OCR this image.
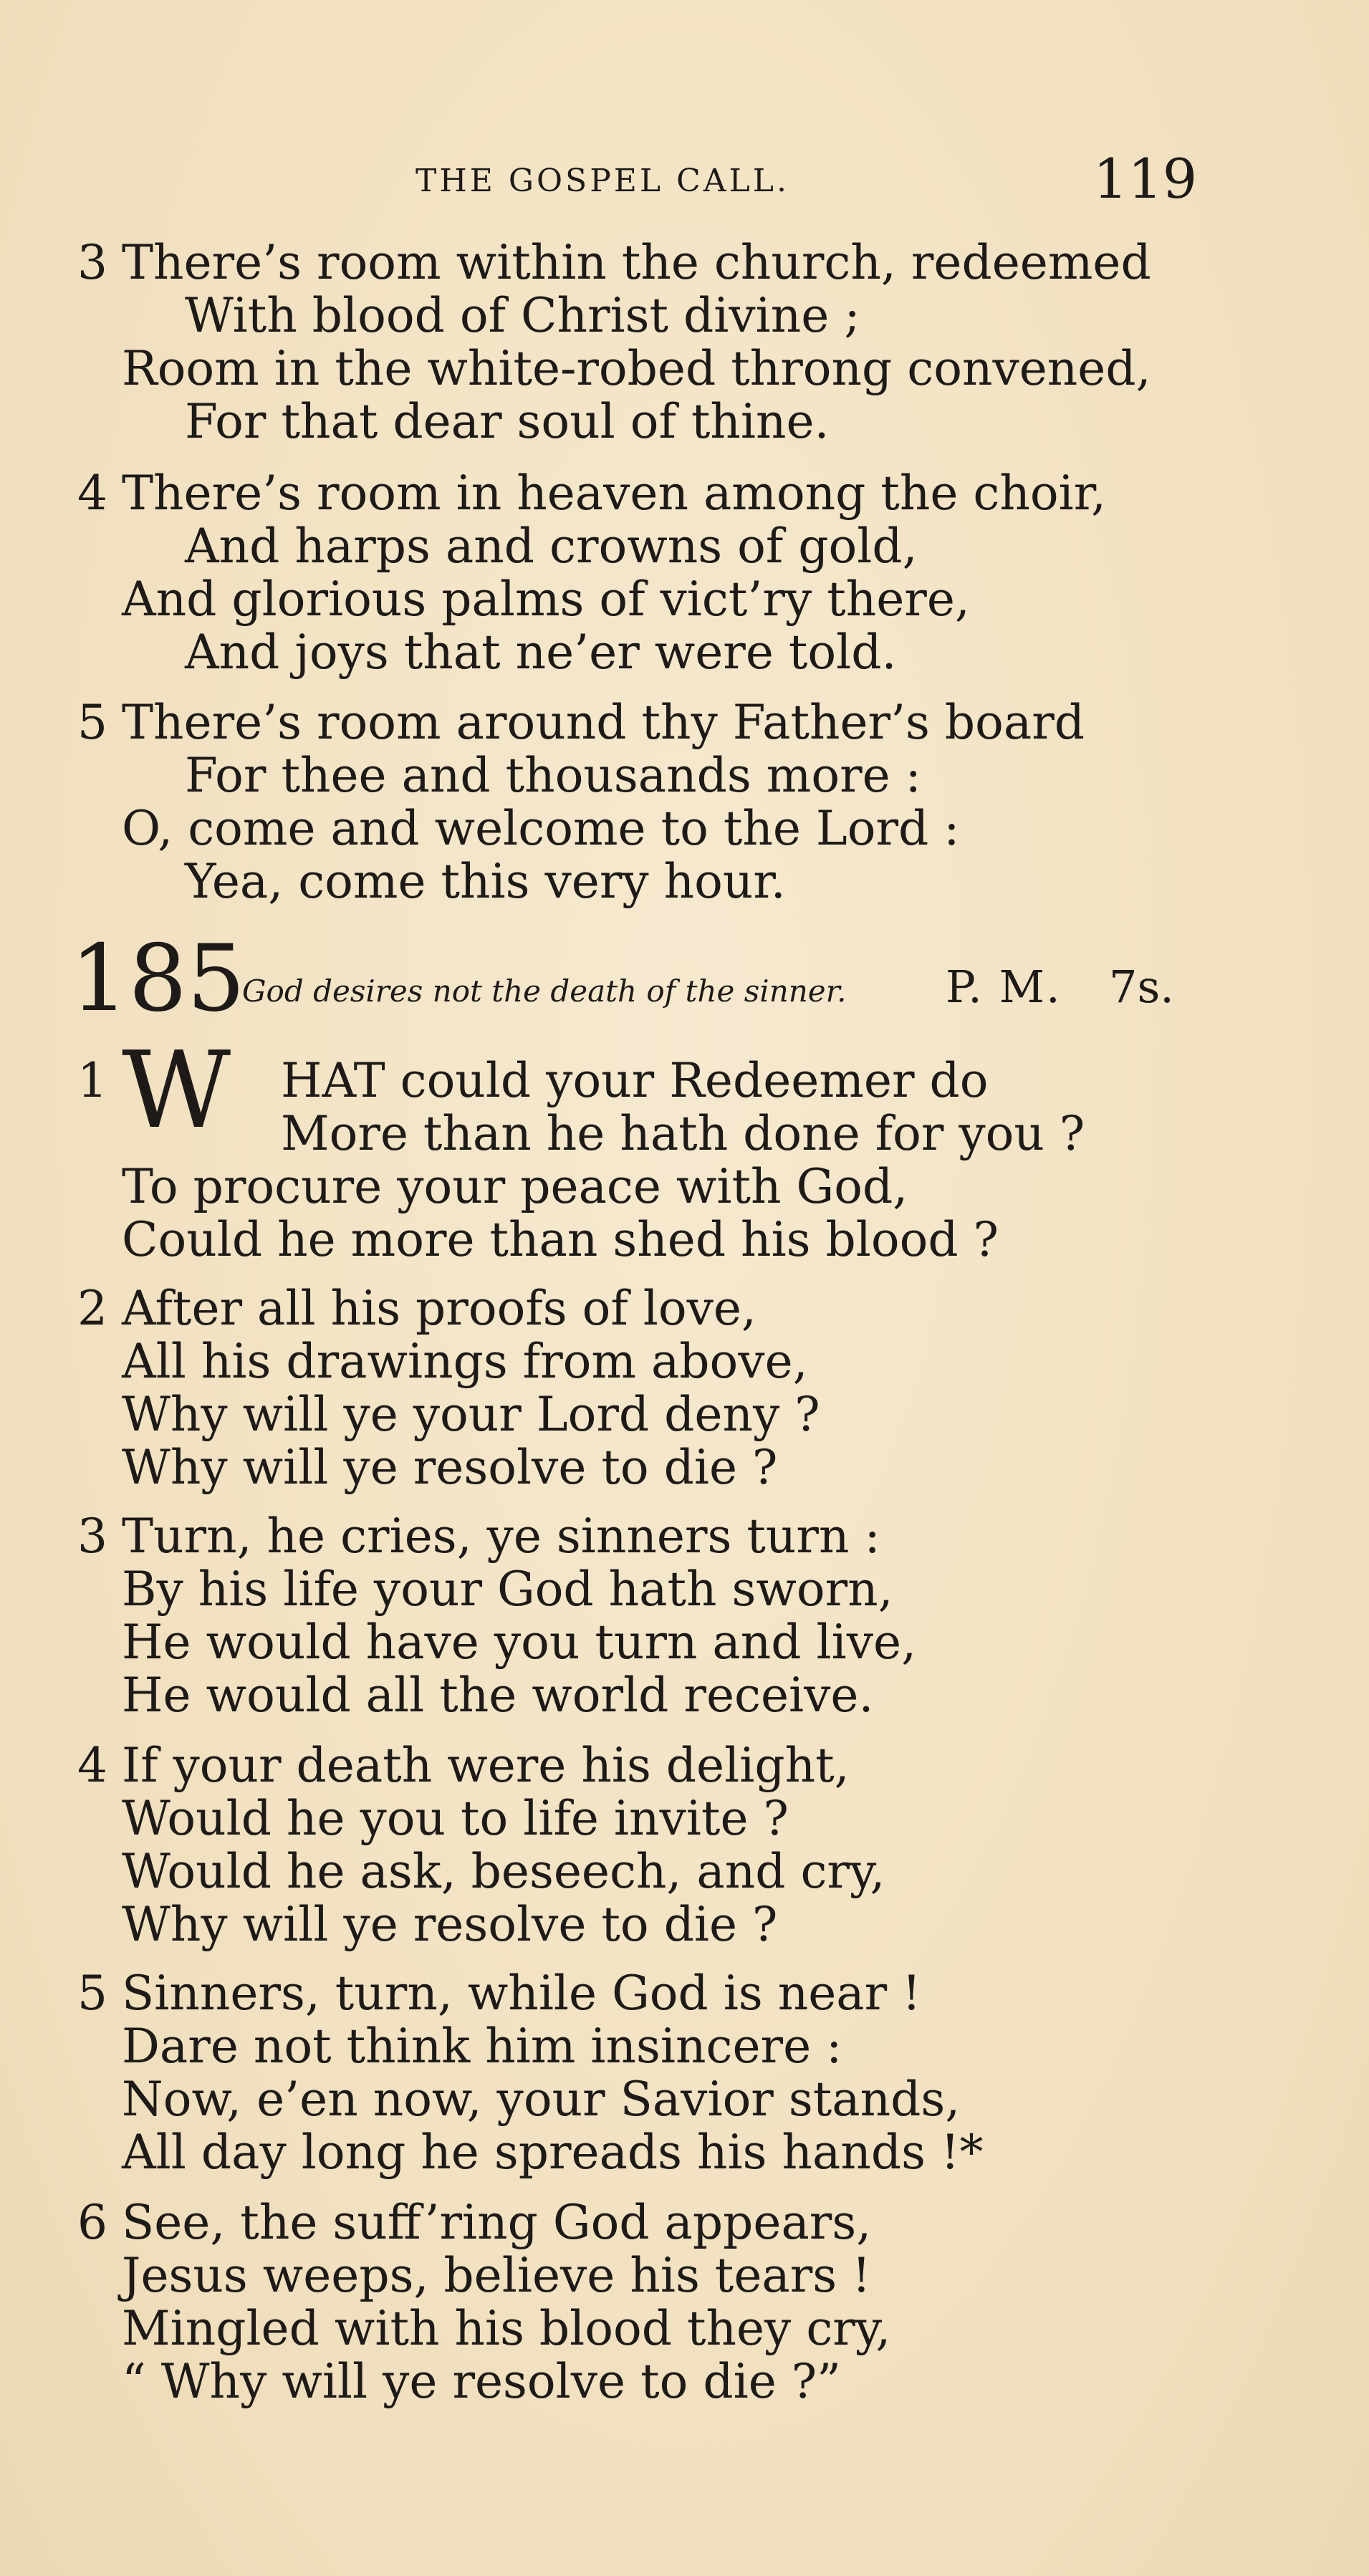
THE GOSPEL CALL.	119
3 There’s room within the church, redeemed
With blood of Christ divine ;
Room in the white-robed throng convened,
For that dear soul of thine.
4 There’s room in heaven among the choir,
And harps and crowns of gold,
And glorious palms of vict’ry there,
And joys that ne’er were told.
5 There’s room around thy Father’s board
For thee and thousands more :
O, come and welcome to the Lord :
Yea, come this very hour.
185
God desires not the death of the sinner. P. M. 7s.
W
1	HAT could your Redeemer do
More than he hath done for you ?
To procure your peace with God,
Could he more than shed his blood ?
2 After all his proofs of love,
All his drawings from above,
Why will ye your Lord deny ?
Why will ye resolve to die ?
3 Turn, he cries, ye sinners turn :
By his life your God hath sworn,
He would have you turn and live,
He would all the world receive.
4 If your death were his delight,
Would he you to life invite ?
Would he ask, beseech, and cry,
Why will ye resolve to die ?
5 Sinners, turn, while God is near !
Dare not think him insincere :
Now, e’en now, your Savior stands,
All day long he spreads his hands !*
6 See, the suff’ring God appears,
Jesus weeps, believe his tears !
Mingled with his blood they cry,
“ Why will ye resolve to die ?”
